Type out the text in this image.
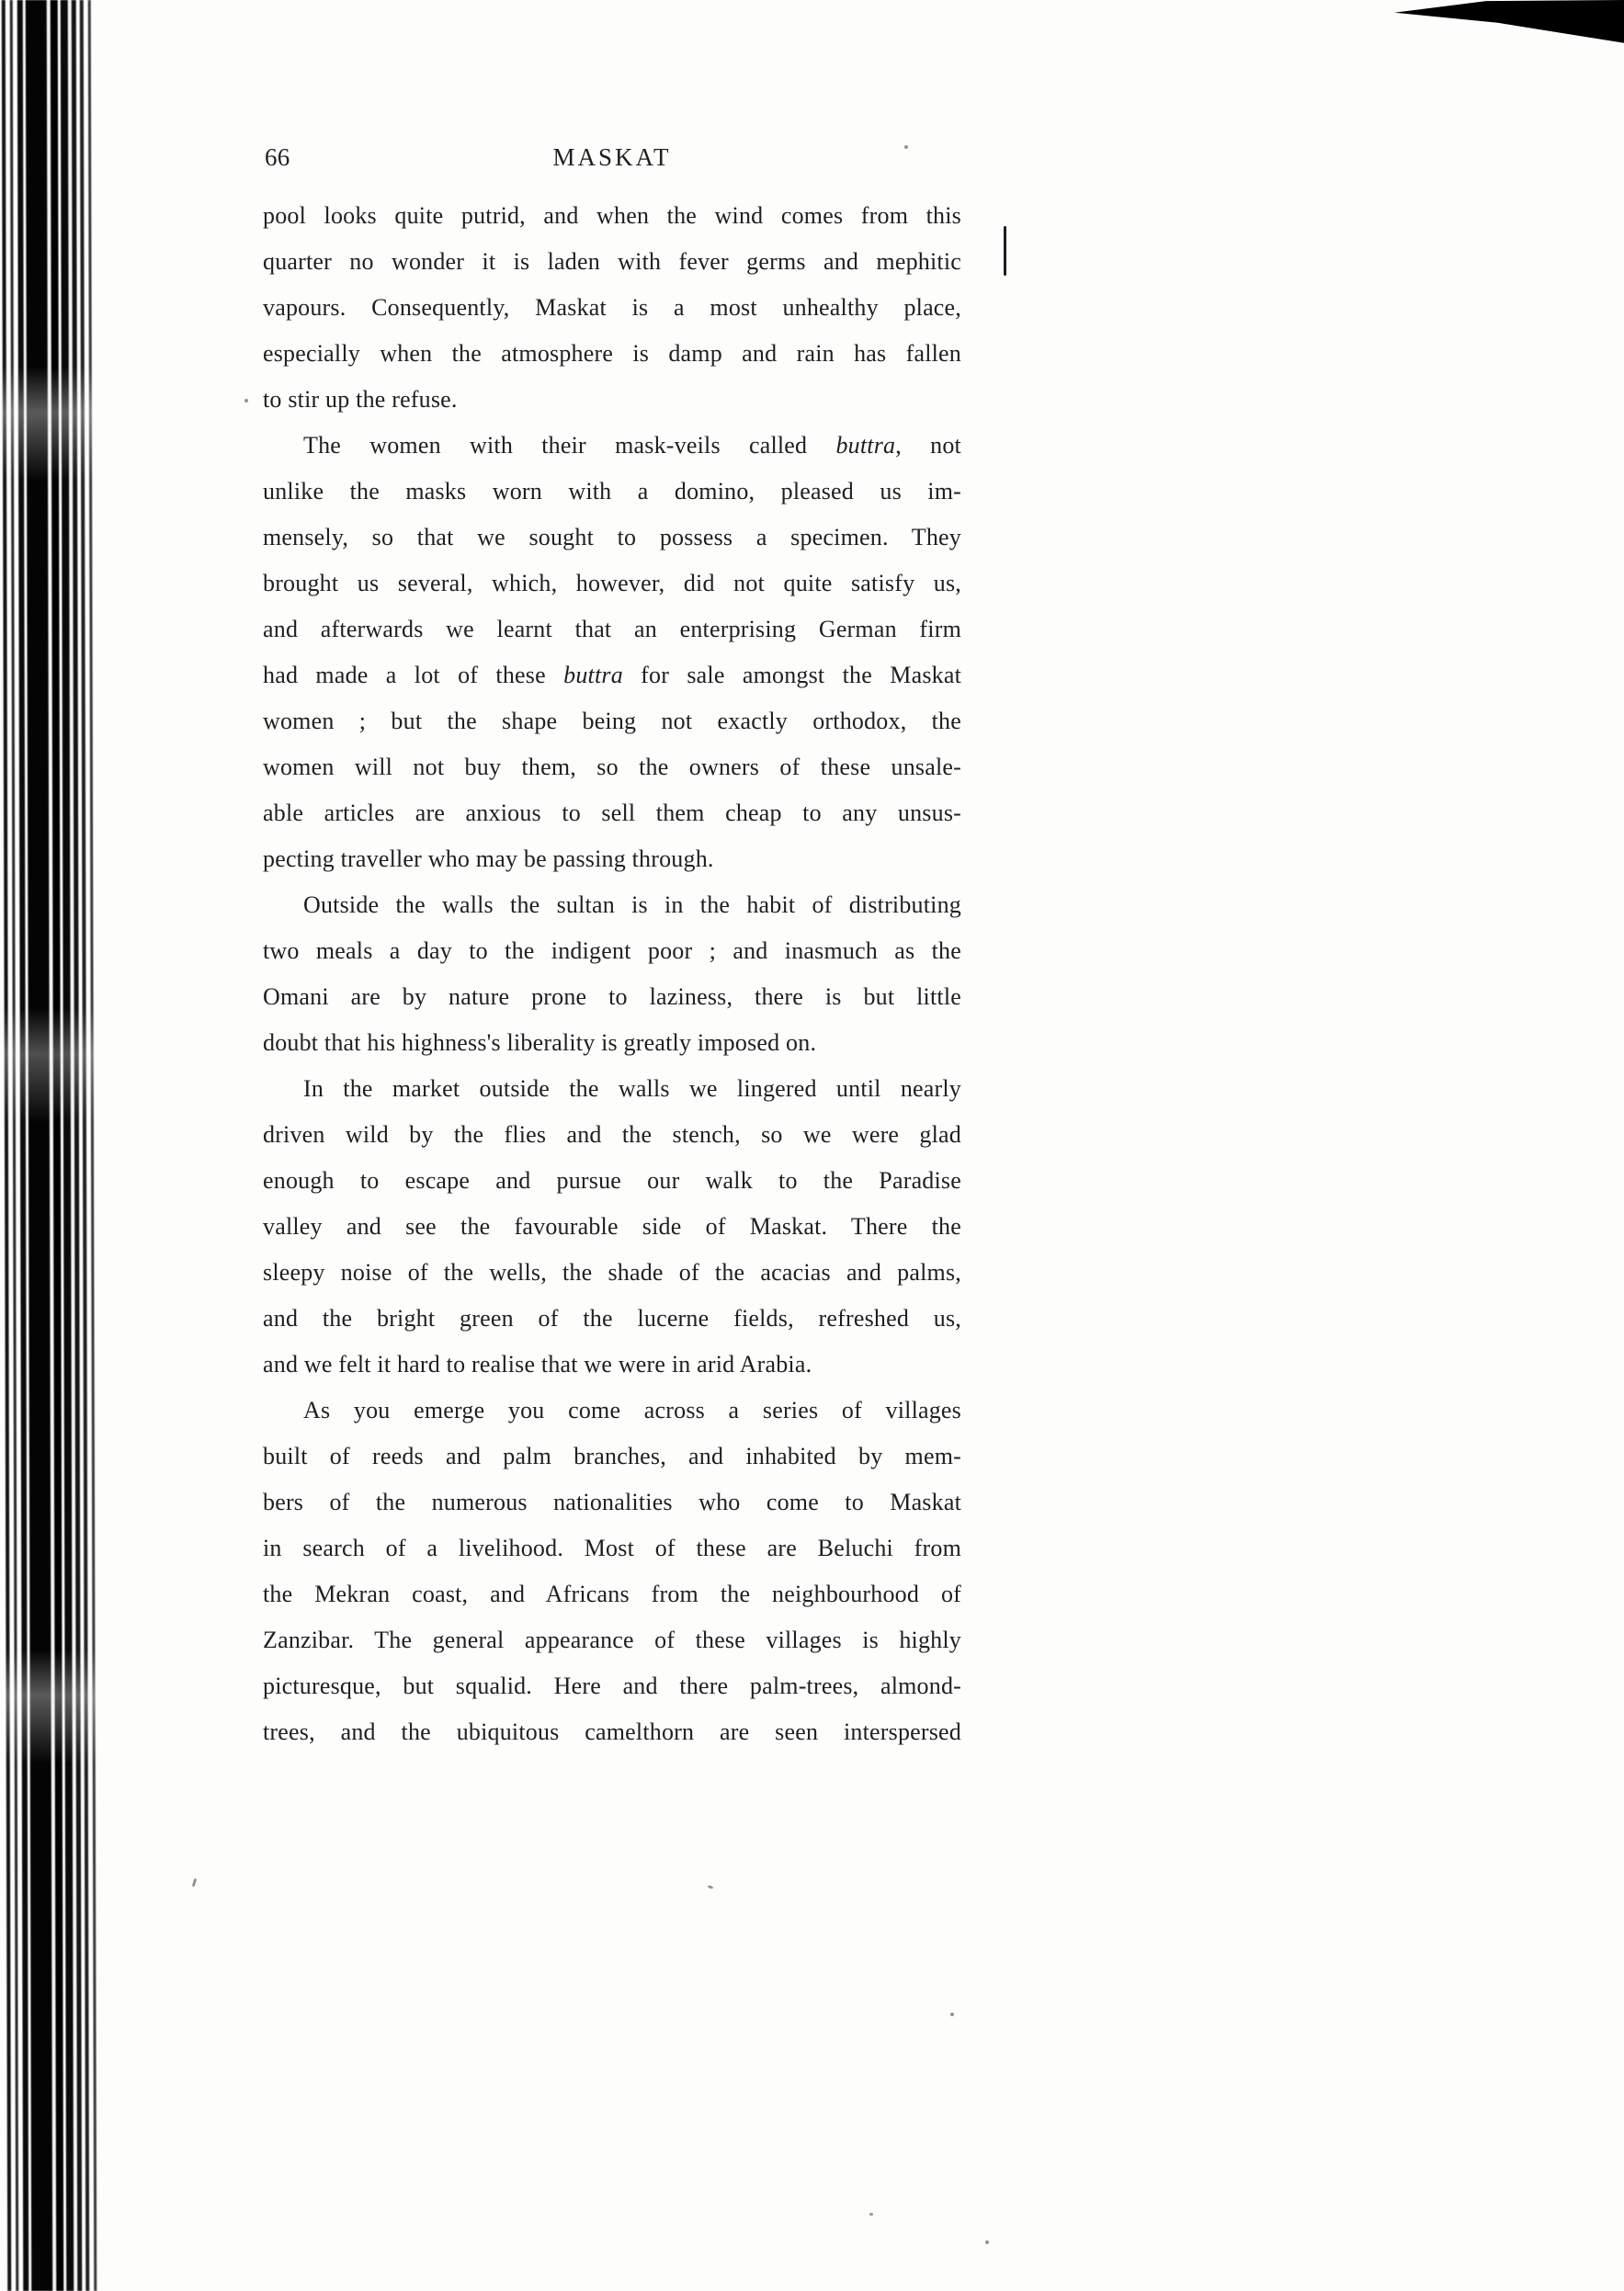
66	MASKAT
pool looks quite putrid, and when the wind comes from this
quarter no wonder it is laden with fever germs and mephitic
vapours. Consequently, Maskat is a most unhealthy place,
especially when the atmosphere is damp and rain has fallen
to stir up the refuse.
The women with their mask-veils called buttra, not
unlike the masks worn with a domino, pleased us im-
mensely, so that we sought to possess a specimen. They
brought us several, which, however, did not quite satisfy us,
and afterwards we learnt that an enterprising German firm
had made a lot of these buttra for sale amongst the Maskat
women ; but the shape being not exactly orthodox, the
women will not buy them, so the owners of these unsale-
able articles are anxious to sell them cheap to any unsus-
pecting traveller who may be passing through.
Outside the walls the sultan is in the habit of distributing
two meals a day to the indigent poor ; and inasmuch as the
Omani are by nature prone to laziness, there is but little
doubt that his highness's liberality is greatly imposed on.
In the market outside the walls we lingered until nearly
driven wild by the flies and the stench, so we were glad
enough to escape and pursue our walk to the Paradise
valley and see the favourable side of Maskat. There the
sleepy noise of the wells, the shade of the acacias and palms,
and the bright green of the lucerne fields, refreshed us,
and we felt it hard to realise that we were in arid Arabia.
As you emerge you come across a series of villages
built of reeds and palm branches, and inhabited by mem-
bers of the numerous nationalities who come to Maskat
in search of a livelihood. Most of these are Beluchi from
the Mekran coast, and Africans from the neighbourhood of
Zanzibar. The general appearance of these villages is highly
picturesque, but squalid. Here and there palm-trees, almond-
trees, and the ubiquitous camelthorn are seen interspersed
